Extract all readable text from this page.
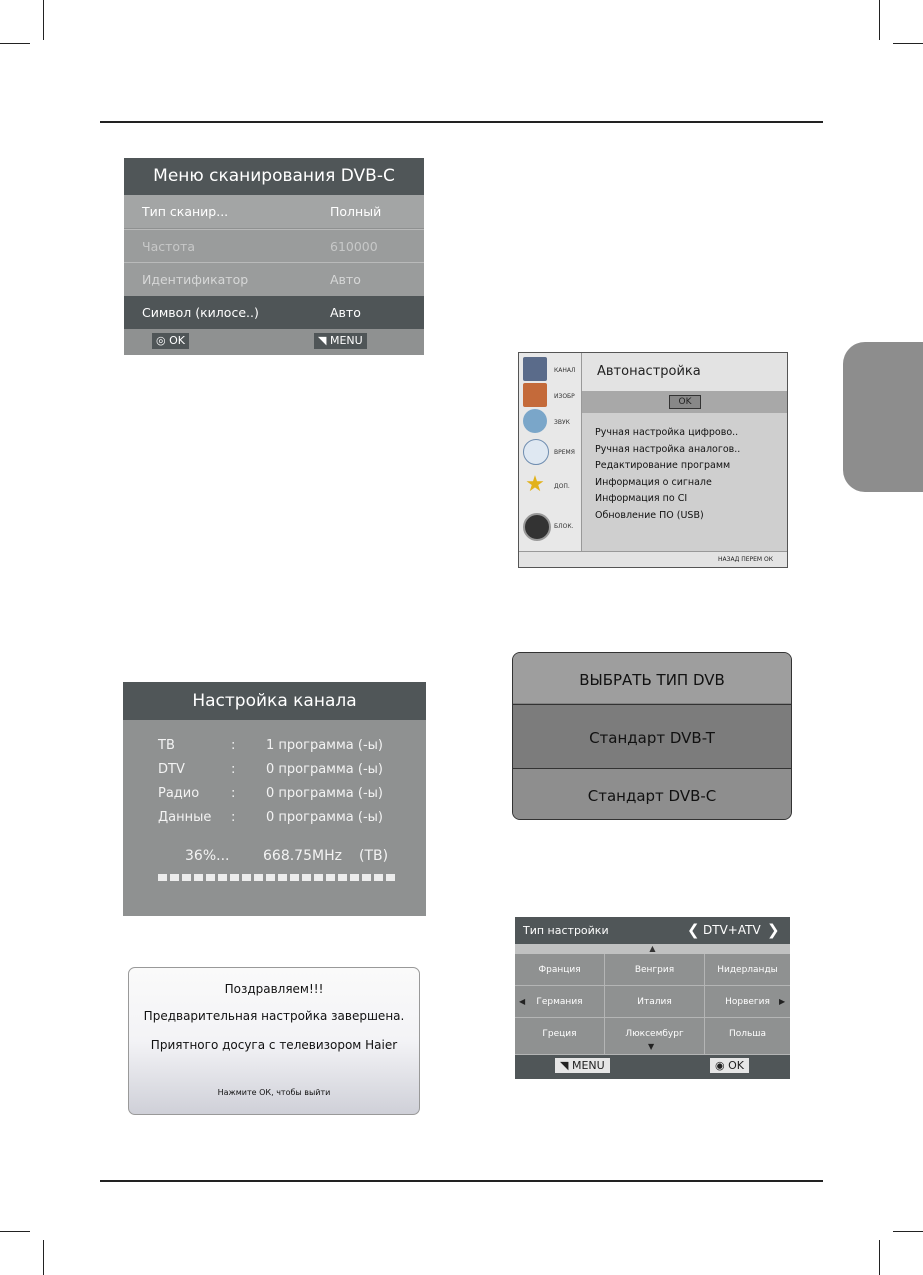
Меню сканирования DVB-C
Тип сканир...	Полный
Частота	610000
Идентификатор	Авто
Символ (килосе..)	Авто
◎ OK	◥ MENU
КАНАЛ
ИЗОБР
ЗВУК
ВРЕМЯ
★	ДОП.
БЛОК.
Автонастройка
OK
Ручная настройка цифрово..
Ручная настройка аналогов..
Редактирование программ
Информация о сигнале
Информация по CI
Обновление ПО (USB)
НАЗАД ПЕРЕМ ОК
Настройка канала
ТВ	: 1 программа (-ы)
DTV	: 0 программа (-ы)
Радио : 0 программа (-ы)
Данные : 0 программа (-ы)
36%... 668.75MHz (ТВ)
ВЫБРАТЬ ТИП DVB
Стандарт DVB-T
Стандарт DVB-C
Поздравляем!!!
Предварительная настройка завершена.
Приятного досуга с телевизором Haier
Нажмите ОК, чтобы выйти
Тип настройки	❮ DTV+ATV ❯
▲
Франция	Венгрия	Нидерланды
Германия	Италия	Норвегия
Греция	Люксембург	Польша
◀	▶
▼
◥ MENU	◉ OK
